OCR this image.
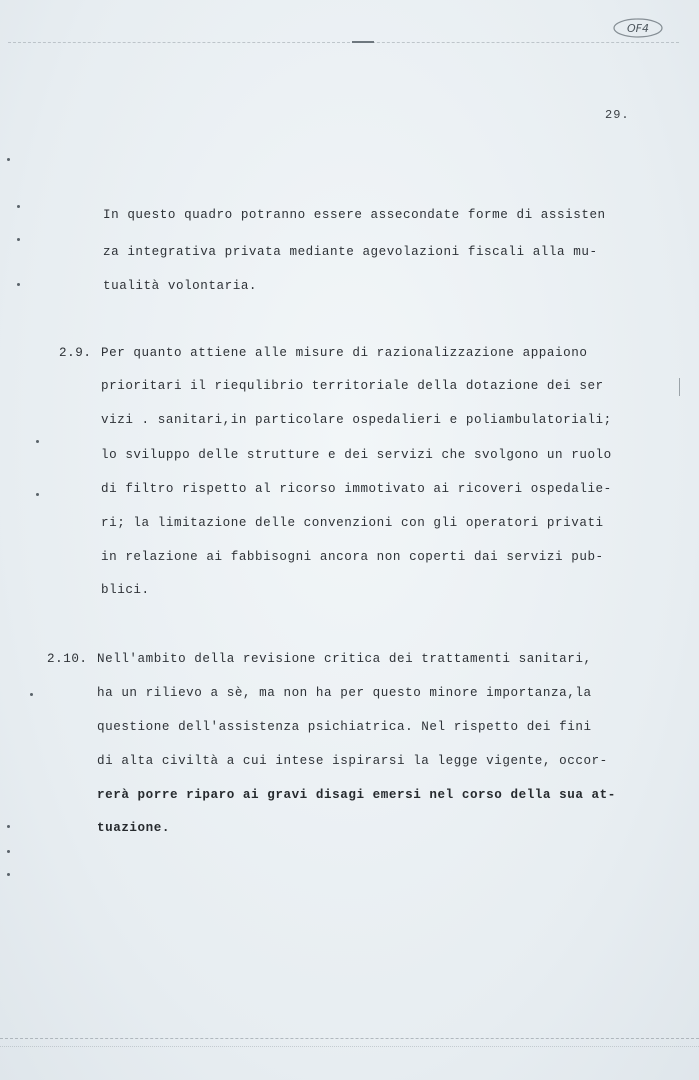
OF4
29.
In questo quadro potranno essere assecondate forme di assisten
za integrativa privata mediante agevolazioni fiscali alla mu-
tualità volontaria.
2.9. Per quanto attiene alle misure di razionalizzazione appaiono
prioritari il riequlibrio territoriale della dotazione dei ser
vizi . sanitari,in particolare ospedalieri e poliambulatoriali;
lo sviluppo delle strutture e dei servizi che svolgono un ruolo
di filtro rispetto al ricorso immotivato ai ricoveri ospedalie-
ri; la limitazione delle convenzioni con gli operatori privati
in relazione ai fabbisogni ancora non coperti dai servizi pub-
blici.
2.10. Nell'ambito della revisione critica dei trattamenti sanitari,
ha un rilievo a sè, ma non ha per questo minore importanza,la
questione dell'assistenza psichiatrica. Nel rispetto dei fini
di alta civiltà a cui intese ispirarsi la legge vigente, occor-
rerà porre riparo ai gravi disagi emersi nel corso della sua at-
tuazione.
